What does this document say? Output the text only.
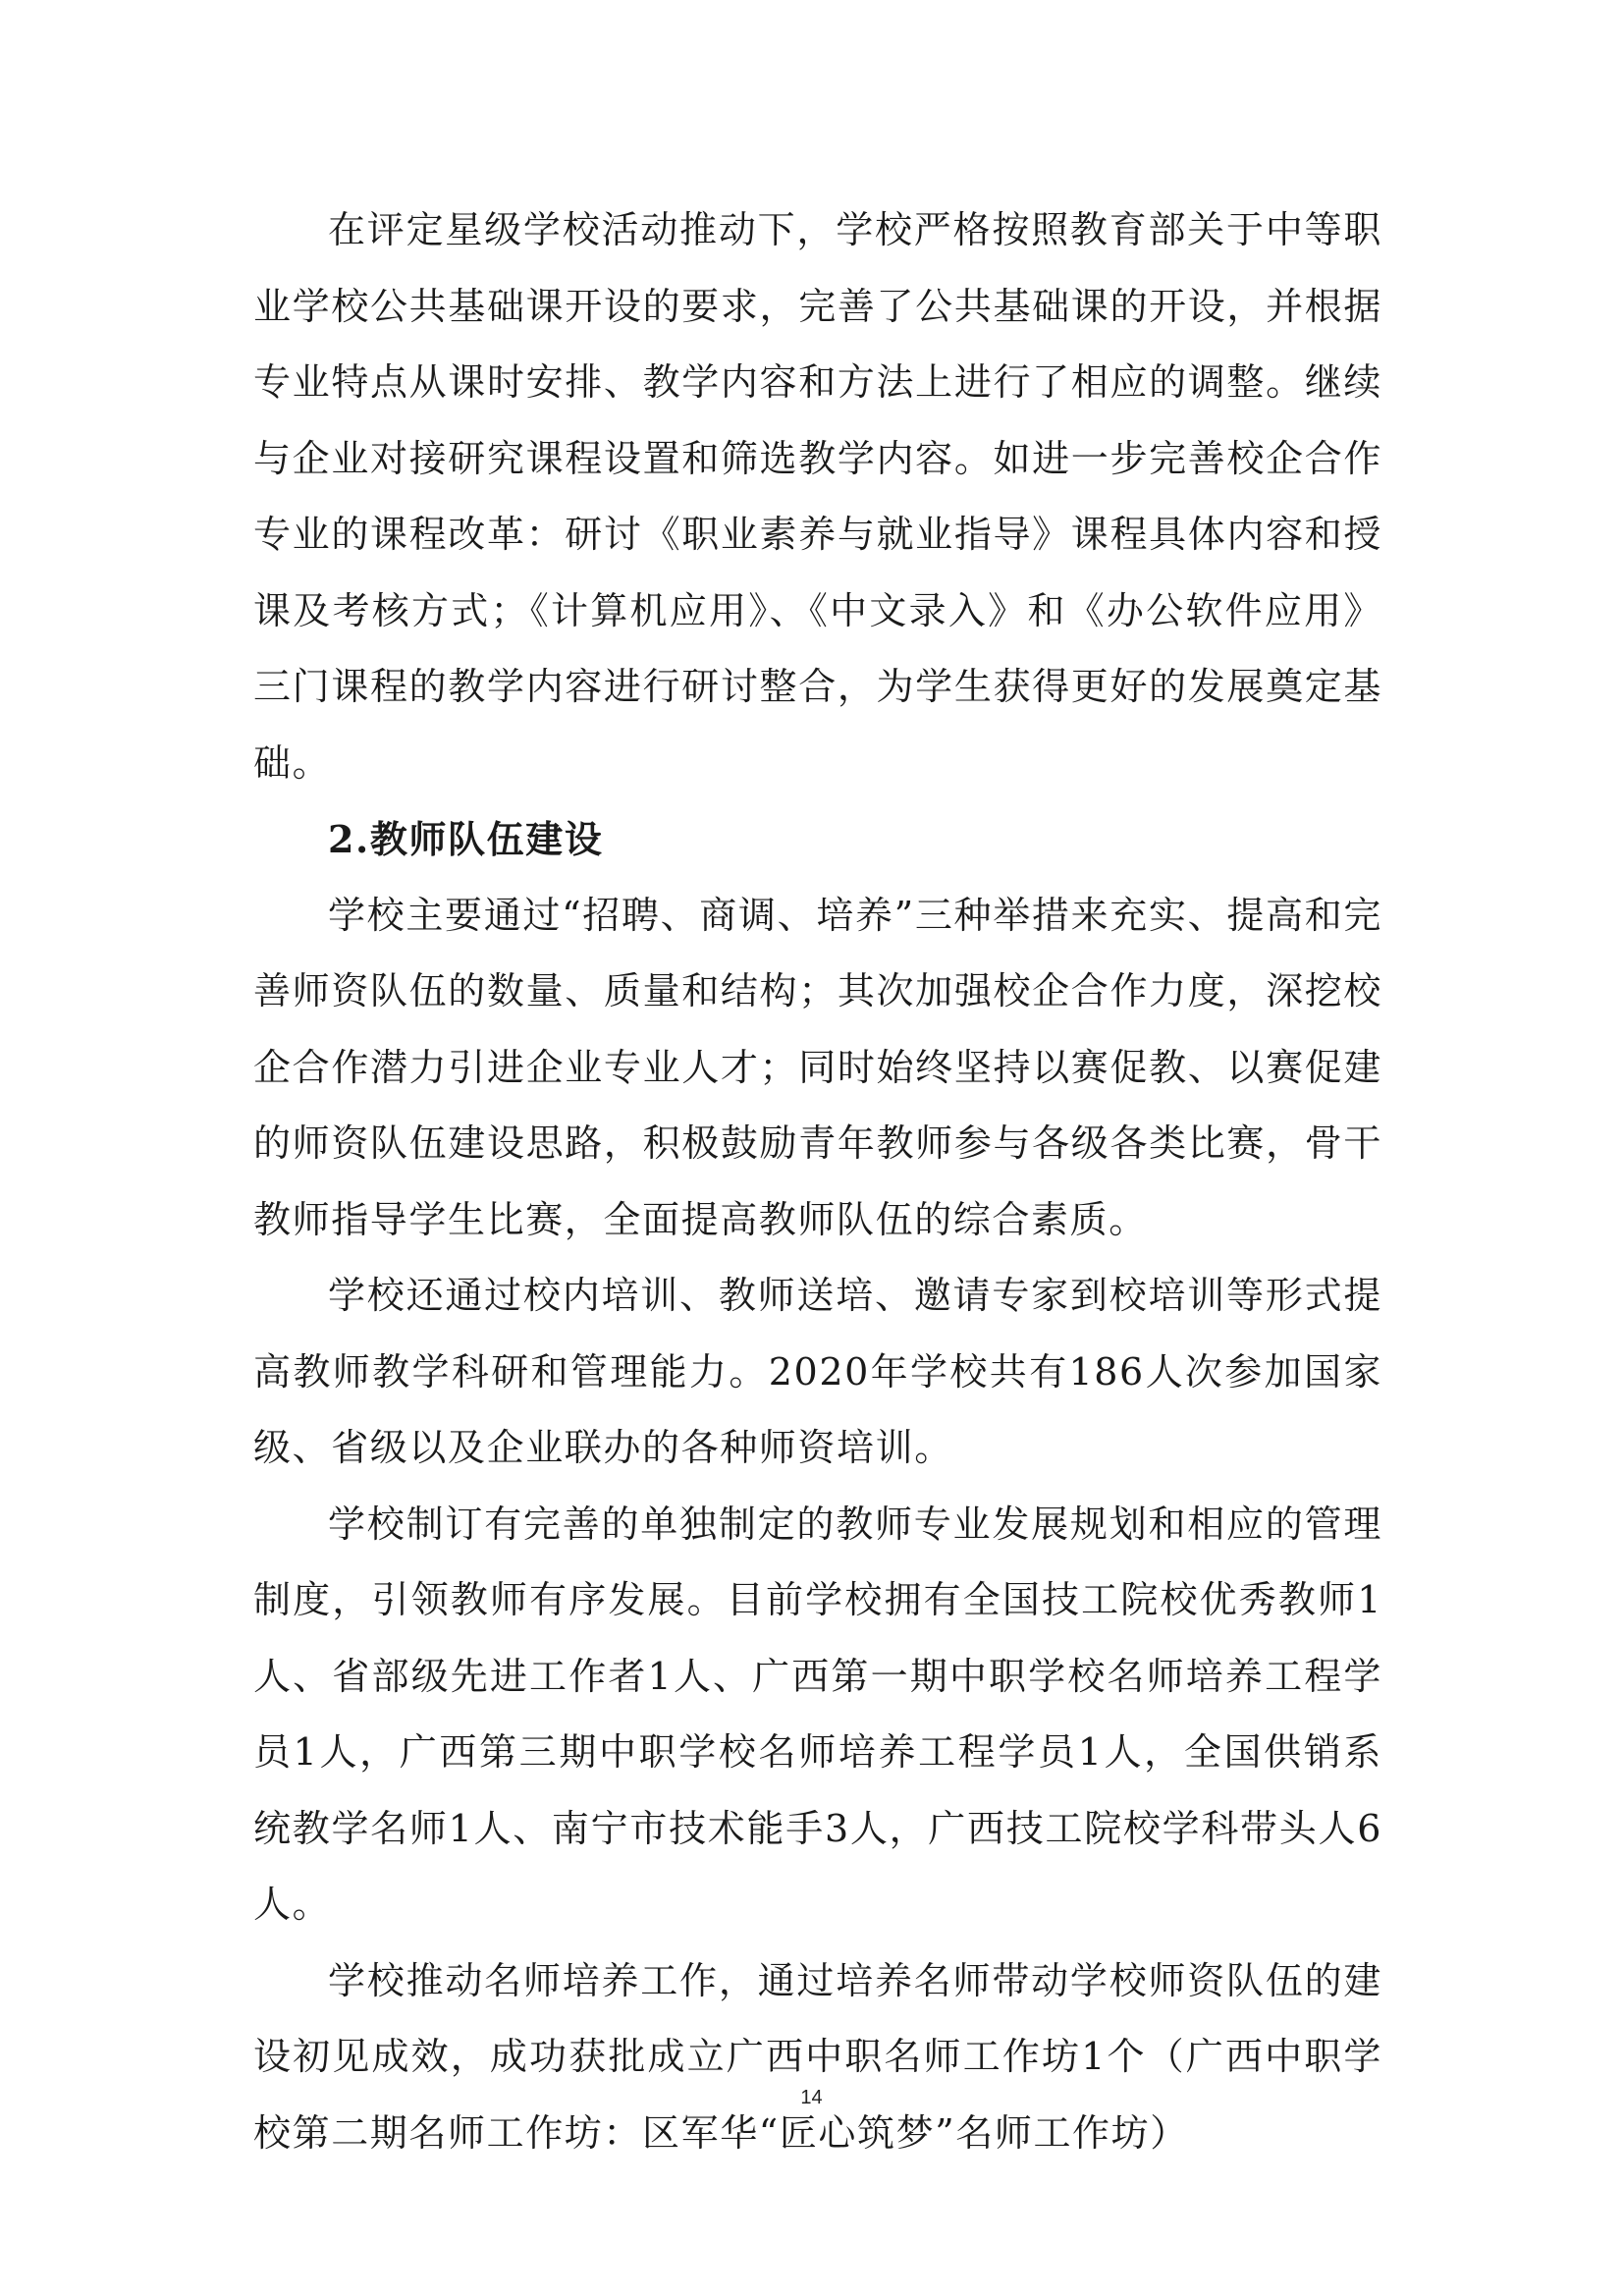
在评定星级学校活动推动下，学校严格按照教育部关于中等职业学校公共基础课开设的要求，完善了公共基础课的开设，并根据专业特点从课时安排、教学内容和方法上进行了相应的调整。继续与企业对接研究课程设置和筛选教学内容。如进一步完善校企合作专业的课程改革：研讨《职业素养与就业指导》课程具体内容和授课及考核方式；《计算机应用》、《中文录入》和《办公软件应用》三门课程的教学内容进行研讨整合，为学生获得更好的发展奠定基础。

2.教师队伍建设

学校主要通过“招聘、商调、培养”三种举措来充实、提高和完善师资队伍的数量、质量和结构；其次加强校企合作力度，深挖校企合作潜力引进企业专业人才；同时始终坚持以赛促教、以赛促建的师资队伍建设思路，积极鼓励青年教师参与各级各类比赛，骨干教师指导学生比赛，全面提高教师队伍的综合素质。

学校还通过校内培训、教师送培、邀请专家到校培训等形式提高教师教学科研和管理能力。2020年学校共有186人次参加国家级、省级以及企业联办的各种师资培训。

学校制订有完善的单独制定的教师专业发展规划和相应的管理制度，引领教师有序发展。目前学校拥有全国技工院校优秀教师1人、省部级先进工作者1人、广西第一期中职学校名师培养工程学员1人，广西第三期中职学校名师培养工程学员1人，全国供销系统教学名师1人、南宁市技术能手3人，广西技工院校学科带头人6人。

学校推动名师培养工作，通过培养名师带动学校师资队伍的建设初见成效，成功获批成立广西中职名师工作坊1个（广西中职学校第二期名师工作坊：区军华“匠心筑梦”名师工作坊）

14
